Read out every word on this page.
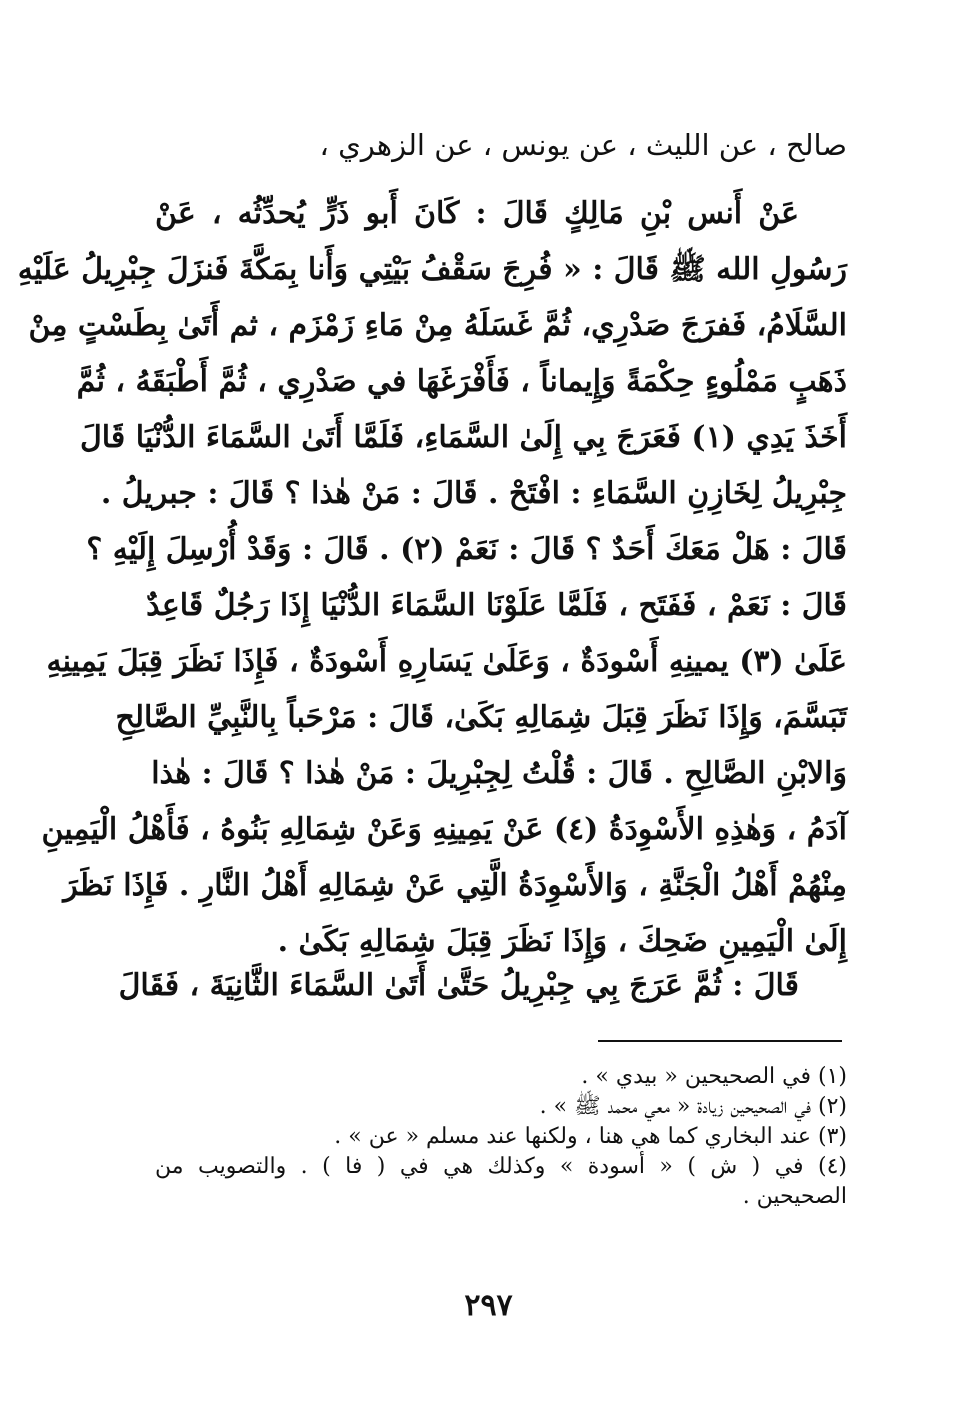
صالح ، عن الليث ، عن يونس ، عن الزهري ،

عَنْ أَنس بْنِ مَالِكٍ قَالَ : كَانَ أَبو ذَرٍّ يُحدِّثُه ، عَنْ
رَسُولِ الله ﷺ قَالَ : « فُرِجَ سَقْفُ بَيْتِي وَأَنا بِمَكَّةَ فَنزَلَ جِبْرِيلُ عَلَيْهِ
السَّلَامُ، فَفرَجَ صَدْرِي، ثُمَّ غَسَلَهُ مِنْ مَاءِ زَمْزَم ، ثم أَتَىٰ بِطَسْتٍ مِنْ
ذَهَبٍ مَمْلُوءٍ حِكْمَةً وَإِيماناً ، فَأَفْرَغَهَا في صَدْرِي ، ثُمَّ أَطْبَقَهُ ، ثُمَّ
أَخَذَ يَدِي (١) فَعَرَجَ بِي إِلَىٰ السَّمَاءِ، فَلَمَّا أَتَىٰ السَّمَاءَ الدُّنْيَا قَالَ
جِبْرِيلُ لِخَازِنِ السَّمَاءِ : افْتَحْ . قَالَ : مَنْ هٰذا ؟ قَالَ : جبريلُ .
قَالَ : هَلْ مَعَكَ أَحَدٌ ؟ قَالَ : نَعَمْ (٢) . قَالَ : وَقَدْ أُرْسِلَ إِلَيْهِ ؟
قَالَ : نَعَمْ ، فَفَتَح ، فَلَمَّا عَلَوْنَا السَّمَاءَ الدُّنْيَا إِذَا رَجُلٌ قَاعِدٌ
عَلَىٰ (٣) يمينِهِ أَسْودَةٌ ، وَعَلَىٰ يَسَارِهِ أَسْودَةٌ ، فَإِذَا نَظَرَ قِبَلَ يَمِينِهِ
تَبَسَّمَ، وَإِذَا نَظَرَ قِبَلَ شِمَالِهِ بَكَىٰ، قَالَ : مَرْحَباً بِالنَّبِيِّ الصَّالِحِ
وَالابْنِ الصَّالِحِ . قَالَ : قُلْتُ لِجِبْرِيلَ : مَنْ هٰذا ؟ قَالَ : هٰذا
آدَمُ ، وَهٰذِهِ الأَسْوِدَةُ (٤) عَنْ يَمِينِهِ وَعَنْ شِمَالِهِ بَنُوهُ ، فَأَهْلُ الْيَمِينِ
مِنْهُمْ أَهْلُ الْجَنَّةِ ، وَالأَسْوِدَةُ الَّتِي عَنْ شِمَالِهِ أَهْلُ النَّارِ . فَإِذَا نَظَرَ
إِلَىٰ الْيَمِينِ ضَحِكَ ، وَإِذَا نَظَرَ قِبَلَ شِمَالِهِ بَكَىٰ .
قَالَ : ثُمَّ عَرَجَ بِي جِبْرِيلُ حَتَّىٰ أَتَىٰ السَّمَاءَ الثَّانِيَةَ ، فَقَالَ
(١) في الصحيحين « بيدي » .
(٢) في الصحيحين زيادة « معي محمد ﷺ » .
(٣) عند البخاري كما هي هنا ، ولكنها عند مسلم « عن » .
(٤) في ( ش ) « أسودة » وكذلك هي في ( فا ) . والتصويب من
الصحيحين .
٢٩٧
